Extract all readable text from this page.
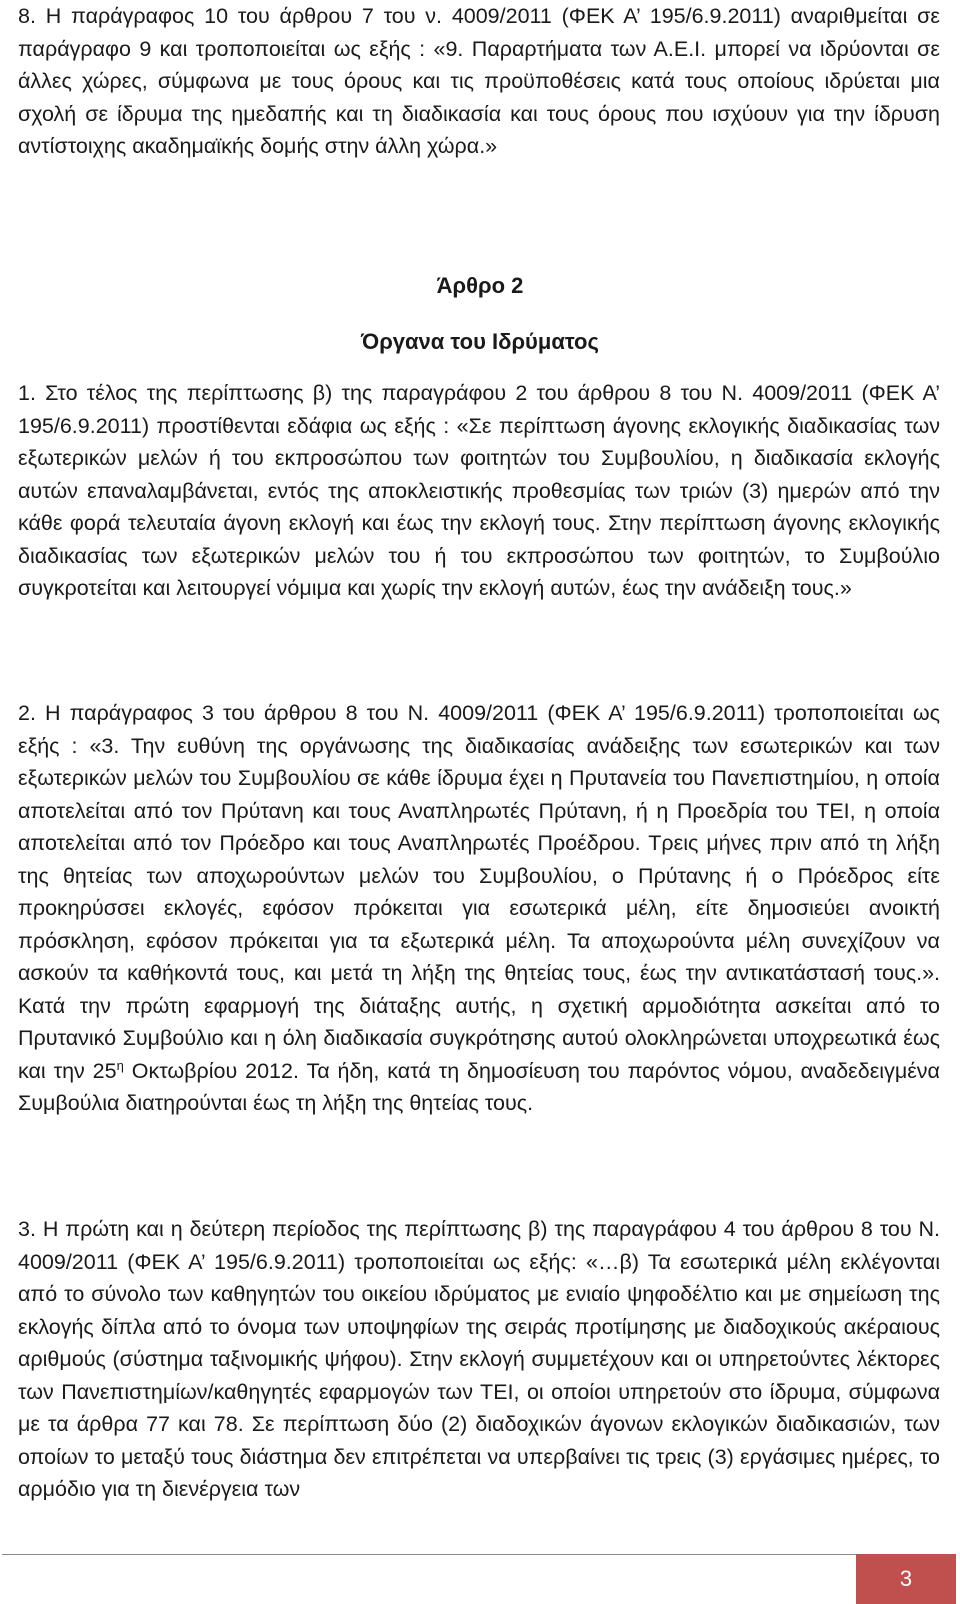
8. Η παράγραφος 10 του άρθρου 7 του ν. 4009/2011 (ΦΕΚ Α’ 195/6.9.2011) αναριθμείται σε παράγραφο 9 και τροποποιείται ως εξής : «9. Παραρτήματα των Α.Ε.Ι. μπορεί να ιδρύονται σε άλλες χώρες, σύμφωνα με τους όρους και τις προϋποθέσεις κατά τους οποίους ιδρύεται μια σχολή σε ίδρυμα της ημεδαπής και τη διαδικασία και τους όρους που ισχύουν για την ίδρυση αντίστοιχης ακαδημαϊκής δομής στην άλλη χώρα.»

Άρθρο 2

Όργανα του Ιδρύματος

1. Στο τέλος της περίπτωσης β) της παραγράφου 2 του άρθρου 8 του Ν. 4009/2011 (ΦΕΚ Α’ 195/6.9.2011) προστίθενται εδάφια ως εξής : «Σε περίπτωση άγονης εκλογικής διαδικασίας των εξωτερικών μελών ή του εκπροσώπου των φοιτητών του Συμβουλίου, η διαδικασία εκλογής αυτών επαναλαμβάνεται, εντός της αποκλειστικής προθεσμίας των τριών (3) ημερών από την κάθε φορά τελευταία άγονη εκλογή και έως την εκλογή τους. Στην περίπτωση άγονης εκλογικής διαδικασίας των εξωτερικών μελών του ή του εκπροσώπου των φοιτητών, το Συμβούλιο συγκροτείται και λειτουργεί νόμιμα και χωρίς την εκλογή αυτών, έως την ανάδειξη τους.»

2. Η παράγραφος 3 του άρθρου 8 του Ν. 4009/2011 (ΦΕΚ Α’ 195/6.9.2011) τροποποιείται ως εξής : «3. Την ευθύνη της οργάνωσης της διαδικασίας ανάδειξης των εσωτερικών και των εξωτερικών μελών του Συμβουλίου σε κάθε ίδρυμα έχει η Πρυτανεία του Πανεπιστημίου, η οποία αποτελείται από τον Πρύτανη και τους Αναπληρωτές Πρύτανη, ή η Προεδρία του ΤΕΙ, η οποία αποτελείται από τον Πρόεδρο και τους Αναπληρωτές Προέδρου. Τρεις μήνες πριν από τη λήξη της θητείας των αποχωρούντων μελών του Συμβουλίου, ο Πρύτανης ή ο Πρόεδρος είτε προκηρύσσει εκλογές, εφόσον πρόκειται για εσωτερικά μέλη, είτε δημοσιεύει ανοικτή πρόσκληση, εφόσον πρόκειται για τα εξωτερικά μέλη. Τα αποχωρούντα μέλη συνεχίζουν να ασκούν τα καθήκοντά τους, και μετά τη λήξη της θητείας τους, έως την αντικατάστασή τους.». Κατά την πρώτη εφαρμογή της διάταξης αυτής, η σχετική αρμοδιότητα ασκείται από το Πρυτανικό Συμβούλιο και η όλη διαδικασία συγκρότησης αυτού ολοκληρώνεται υποχρεωτικά έως και την $25^\eta$ Οκτωβρίου 2012. Τα ήδη, κατά τη δημοσίευση του παρόντος νόμου, αναδεδειγμένα Συμβούλια διατηρούνται έως τη λήξη της θητείας τους.

3. Η πρώτη και η δεύτερη περίοδος της περίπτωσης β) της παραγράφου 4 του άρθρου 8 του Ν. 4009/2011 (ΦΕΚ Α’ 195/6.9.2011) τροποποιείται ως εξής: «…β) Τα εσωτερικά μέλη εκλέγονται από το σύνολο των καθηγητών του οικείου ιδρύματος με ενιαίο ψηφοδέλτιο και με σημείωση της εκλογής δίπλα από το όνομα των υποψηφίων της σειράς προτίμησης με διαδοχικούς ακέραιους αριθμούς (σύστημα ταξινομικής ψήφου). Στην εκλογή συμμετέχουν και οι υπηρετούντες λέκτορες των Πανεπιστημίων/καθηγητές εφαρμογών των ΤΕΙ, οι οποίοι υπηρετούν στο ίδρυμα, σύμφωνα με τα άρθρα 77 και 78. Σε περίπτωση δύο (2) διαδοχικών άγονων εκλογικών διαδικασιών, των οποίων το μεταξύ τους διάστημα δεν επιτρέπεται να υπερβαίνει τις τρεις (3) εργάσιμες ημέρες, το αρμόδιο για τη διενέργεια των

3
